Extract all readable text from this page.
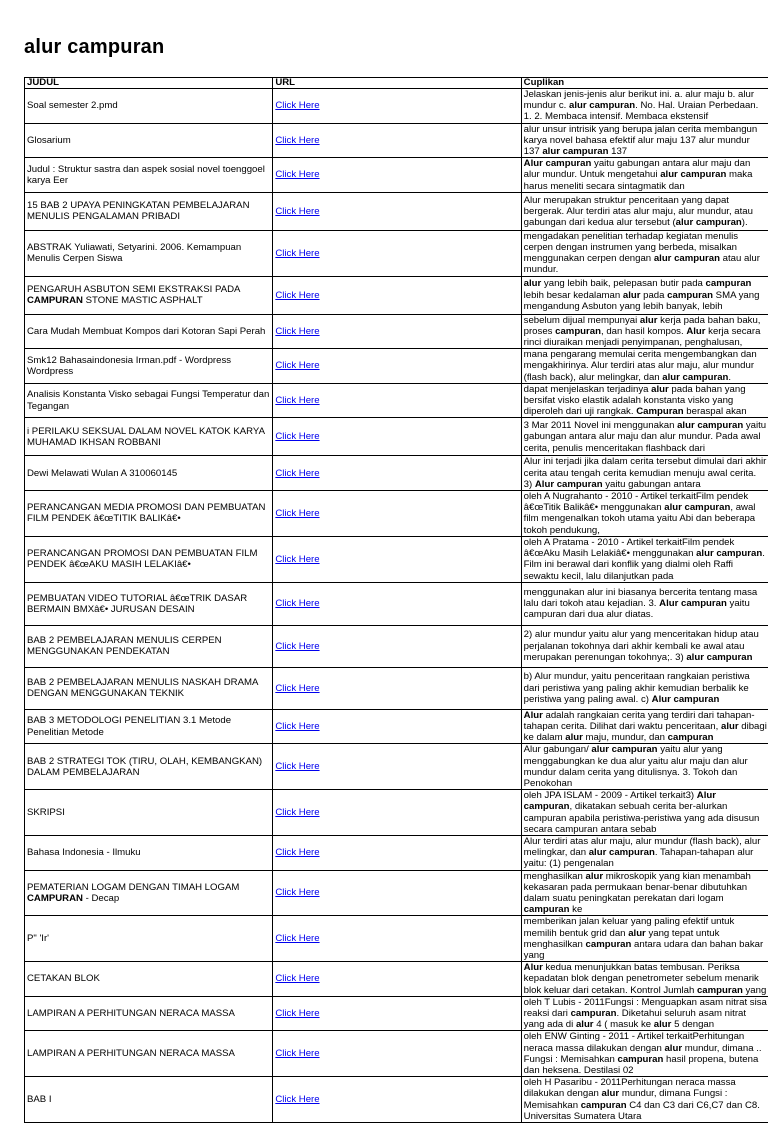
alur campuran
JUDUL	URL	Cuplikan
Soal semester 2.pmd	Click Here	Jelaskan jenis-jenis alur berikut ini. a. alur maju b. alur mundur c. alur campuran. No. Hal. Uraian Perbedaan. 1. 2. Membaca intensif. Membaca ekstensif
Glosarium	Click Here	alur unsur intrisik yang berupa jalan cerita membangun karya novel bahasa efektif alur maju 137 alur mundur 137 alur campuran 137
Judul : Struktur sastra dan aspek sosial novel toenggoel karya Eer	Click Here	Alur campuran yaitu gabungan antara alur maju dan alur mundur. Untuk mengetahui alur campuran maka harus meneliti secara sintagmatik dan
15 BAB 2 UPAYA PENINGKATAN PEMBELAJARAN MENULIS PENGALAMAN PRIBADI	Click Here	Alur merupakan struktur penceritaan yang dapat bergerak. Alur terdiri atas alur maju, alur mundur, atau gabungan dari kedua alur tersebut (alur campuran).
ABSTRAK Yuliawati, Setyarini. 2006. Kemampuan Menulis Cerpen Siswa	Click Here	mengadakan penelitian terhadap kegiatan menulis cerpen dengan instrumen yang berbeda, misalkan menggunakan cerpen dengan alur campuran atau alur mundur.
PENGARUH ASBUTON SEMI EKSTRAKSI PADA CAMPURAN STONE MASTIC ASPHALT	Click Here	alur yang lebih baik, pelepasan butir pada campuran lebih besar kedalaman alur pada campuran SMA yang mengandung Asbuton yang lebih banyak, lebih
Cara Mudah Membuat Kompos dari Kotoran Sapi Perah	Click Here	sebelum dijual mempunyai alur kerja pada bahan baku, proses campuran, dan hasil kompos. Alur kerja secara rinci diuraikan menjadi penyimpanan, penghalusan,
Smk12 Bahasaindonesia Irman.pdf - Wordpress Wordpress	Click Here	mana pengarang memulai cerita mengembangkan dan mengakhirinya. Alur terdiri atas alur maju, alur mundur (flash back), alur melingkar, dan alur campuran.
Analisis Konstanta Visko sebagai Fungsi Temperatur dan Tegangan	Click Here	dapat menjelaskan terjadinya alur pada bahan yang bersifat visko elastik adalah konstanta visko yang diperoleh dari uji rangkak. Campuran beraspal akan
i PERILAKU SEKSUAL DALAM NOVEL KATOK KARYA MUHAMAD IKHSAN ROBBANI	Click Here	3 Mar 2011 Novel ini menggunakan alur campuran yaitu gabungan antara alur maju dan alur mundur. Pada awal cerita, penulis menceritakan flashback dari
Dewi Melawati Wulan A 310060145	Click Here	Alur ini terjadi jika dalam cerita tersebut dimulai dari akhir cerita atau tengah cerita kemudian menuju awal cerita. 3) Alur campuran yaitu gabungan antara
PERANCANGAN MEDIA PROMOSI DAN PEMBUATAN FILM PENDEK â€œTITIK BALIKâ€•	Click Here	oleh A Nugrahanto - 2010 - Artikel terkaitFilm pendek â€œTitik Balikâ€• menggunakan alur campuran, awal film mengenalkan tokoh utama yaitu Abi dan beberapa tokoh pendukung,
PERANCANGAN PROMOSI DAN PEMBUATAN FILM PENDEK â€œAKU MASIH LELAKIâ€•	Click Here	oleh A Pratama - 2010 - Artikel terkaitFilm pendek â€œAku Masih Lelakiâ€• menggunakan alur campuran. Film ini berawal dari konflik yang dialmi oleh Raffi sewaktu kecil, lalu dilanjutkan pada
PEMBUATAN VIDEO TUTORIAL â€œTRIK DASAR BERMAIN BMXâ€• JURUSAN DESAIN	Click Here	menggunakan alur ini biasanya bercerita tentang masa lalu dari tokoh atau kejadian. 3. Alur campuran yaitu campuran dari dua alur diatas.
BAB 2 PEMBELAJARAN MENULIS CERPEN MENGGUNAKAN PENDEKATAN	Click Here	2) alur mundur yaitu alur yang menceritakan hidup atau perjalanan tokohnya dari akhir kembali ke awal atau merupakan perenungan tokohnya;. 3) alur campuran
BAB 2 PEMBELAJARAN MENULIS NASKAH DRAMA DENGAN MENGGUNAKAN TEKNIK	Click Here	b) Alur mundur, yaitu penceritaan rangkaian peristiwa dari peristiwa yang paling akhir kemudian berbalik ke peristiwa yang paling awal. c) Alur campuran
BAB 3 METODOLOGI PENELITIAN 3.1 Metode Penelitian Metode	Click Here	Alur adalah rangkaian cerita yang terdiri dari tahapan- tahapan cerita. Dilihat dari waktu penceritaan, alur dibagi ke dalam alur maju, mundur, dan campuran
BAB 2 STRATEGI TOK (TIRU, OLAH, KEMBANGKAN) DALAM PEMBELAJARAN	Click Here	Alur gabungan/ alur campuran yaitu alur yang menggabungkan ke dua alur yaitu alur maju dan alur mundur dalam cerita yang ditulisnya. 3. Tokoh dan Penokohan
SKRIPSI	Click Here	oleh JPA ISLAM - 2009 - Artikel terkait3) Alur campuran, dikatakan sebuah cerita ber-alurkan campuran apabila peristiwa-peristiwa yang ada disusun secara campuran antara sebab
Bahasa Indonesia - Ilmuku	Click Here	Alur terdiri atas alur maju, alur mundur (flash back), alur melingkar, dan alur campuran. Tahapan-tahapan alur yaitu: (1) pengenalan
PEMATERIAN LOGAM DENGAN TIMAH LOGAM CAMPURAN - Decap	Click Here	menghasilkan alur mikroskopik yang kian menambah kekasaran pada permukaan benar-benar dibutuhkan dalam suatu peningkatan perekatan dari logam campuran ke
P" 'Ir'	Click Here	memberikan jalan keluar yang paling efektif untuk memilih bentuk grid dan alur yang tepat untuk menghasilkan campuran antara udara dan bahan bakar yang
CETAKAN BLOK	Click Here	Alur kedua menunjukkan batas tembusan. Periksa kepadatan blok dengan penetrometer sebelum menarik blok keluar dari cetakan. Kontrol Jumlah campuran yang
LAMPIRAN A PERHITUNGAN NERACA MASSA	Click Here	oleh T Lubis - 2011Fungsi : Menguapkan asam nitrat sisa reaksi dari campuran. Diketahui seluruh asam nitrat yang ada di alur 4 ( masuk ke alur 5 dengan
LAMPIRAN A PERHITUNGAN NERACA MASSA	Click Here	oleh ENW Ginting - 2011 - Artikel terkaitPerhitungan neraca massa dilakukan dengan alur mundur, dimana .. Fungsi : Memisahkan campuran hasil propena, butena dan heksena. Destilasi 02
BAB I	Click Here	oleh H Pasaribu - 2011Perhitungan neraca massa dilakukan dengan alur mundur, dimana Fungsi : Memisahkan campuran C4 dan C3 dari C6,C7 dan C8. Universitas Sumatera Utara
